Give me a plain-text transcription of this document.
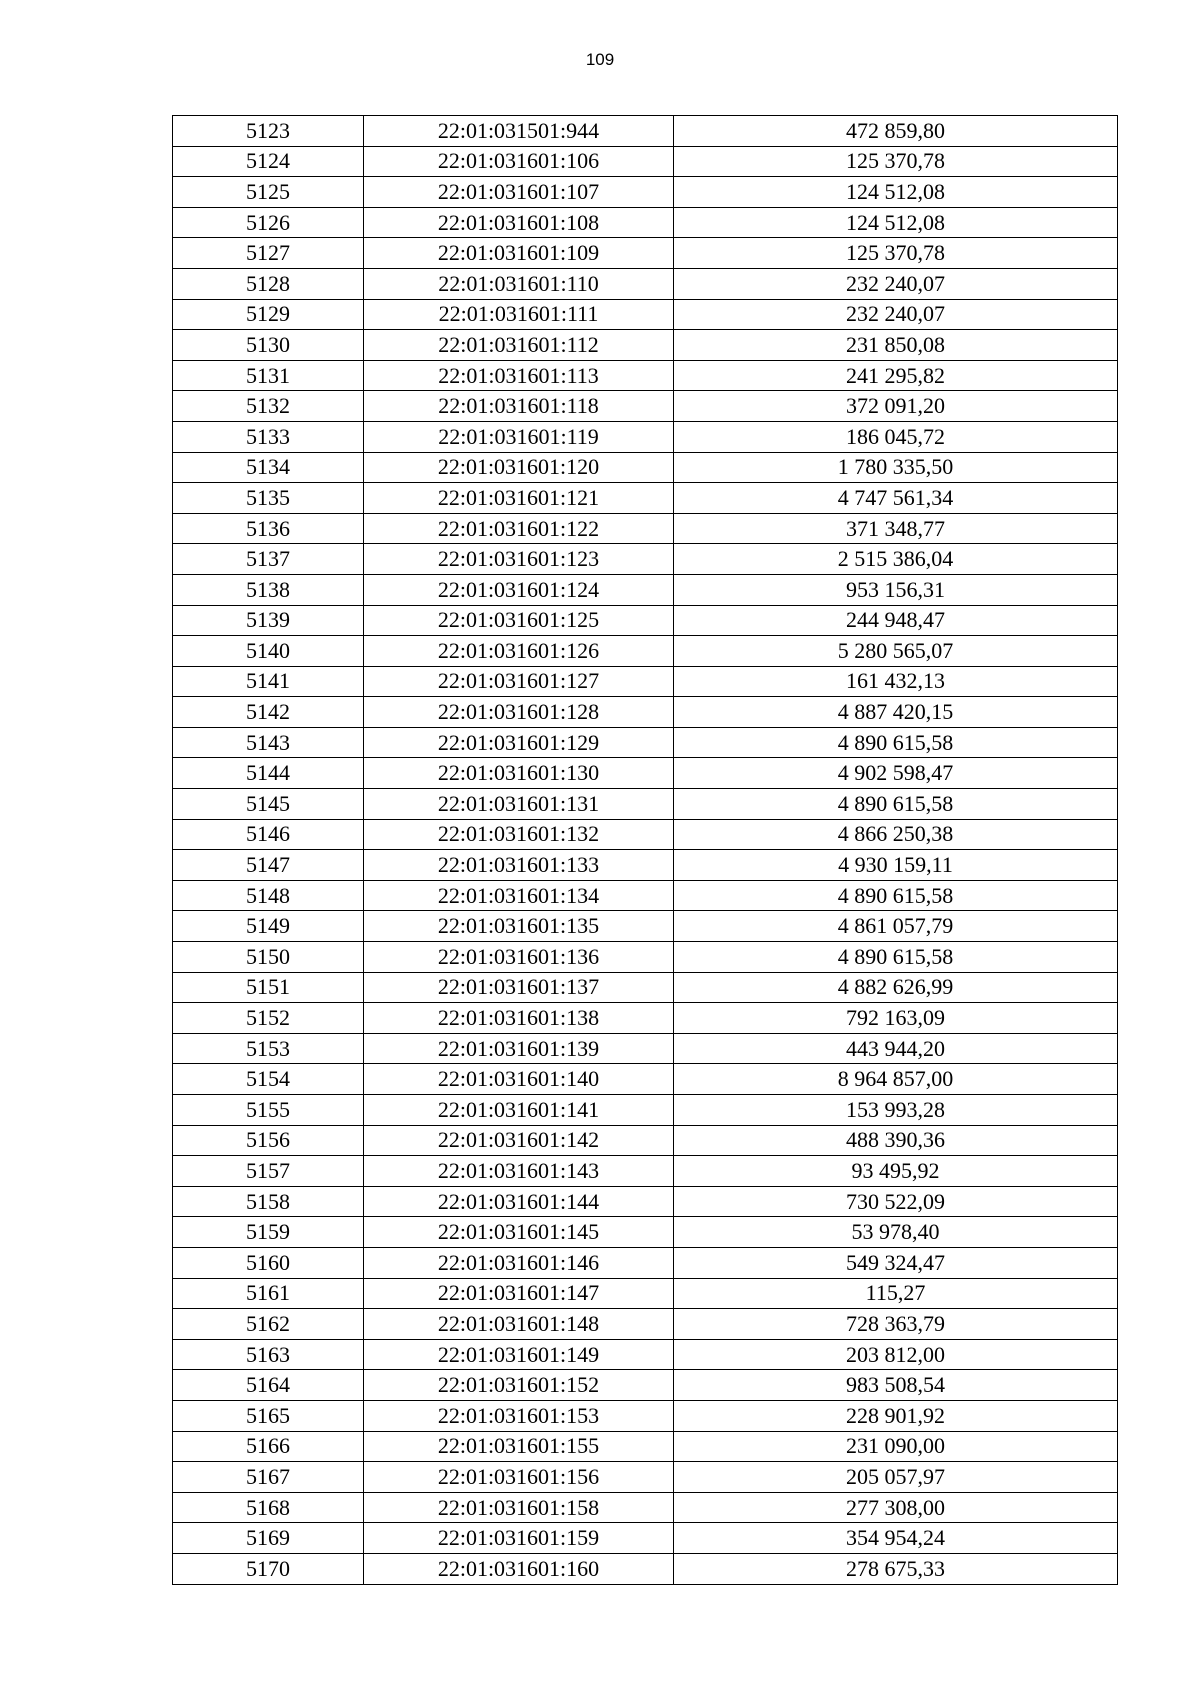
109
5123	22:01:031501:944	472 859,80
5124	22:01:031601:106	125 370,78
5125	22:01:031601:107	124 512,08
5126	22:01:031601:108	124 512,08
5127	22:01:031601:109	125 370,78
5128	22:01:031601:110	232 240,07
5129	22:01:031601:111	232 240,07
5130	22:01:031601:112	231 850,08
5131	22:01:031601:113	241 295,82
5132	22:01:031601:118	372 091,20
5133	22:01:031601:119	186 045,72
5134	22:01:031601:120	1 780 335,50
5135	22:01:031601:121	4 747 561,34
5136	22:01:031601:122	371 348,77
5137	22:01:031601:123	2 515 386,04
5138	22:01:031601:124	953 156,31
5139	22:01:031601:125	244 948,47
5140	22:01:031601:126	5 280 565,07
5141	22:01:031601:127	161 432,13
5142	22:01:031601:128	4 887 420,15
5143	22:01:031601:129	4 890 615,58
5144	22:01:031601:130	4 902 598,47
5145	22:01:031601:131	4 890 615,58
5146	22:01:031601:132	4 866 250,38
5147	22:01:031601:133	4 930 159,11
5148	22:01:031601:134	4 890 615,58
5149	22:01:031601:135	4 861 057,79
5150	22:01:031601:136	4 890 615,58
5151	22:01:031601:137	4 882 626,99
5152	22:01:031601:138	792 163,09
5153	22:01:031601:139	443 944,20
5154	22:01:031601:140	8 964 857,00
5155	22:01:031601:141	153 993,28
5156	22:01:031601:142	488 390,36
5157	22:01:031601:143	93 495,92
5158	22:01:031601:144	730 522,09
5159	22:01:031601:145	53 978,40
5160	22:01:031601:146	549 324,47
5161	22:01:031601:147	115,27
5162	22:01:031601:148	728 363,79
5163	22:01:031601:149	203 812,00
5164	22:01:031601:152	983 508,54
5165	22:01:031601:153	228 901,92
5166	22:01:031601:155	231 090,00
5167	22:01:031601:156	205 057,97
5168	22:01:031601:158	277 308,00
5169	22:01:031601:159	354 954,24
5170	22:01:031601:160	278 675,33
